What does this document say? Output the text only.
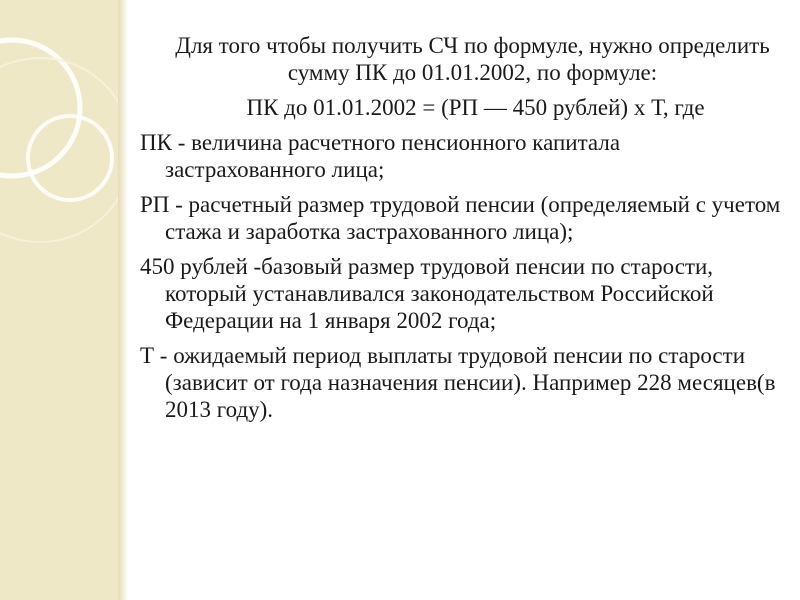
Для того чтобы получить СЧ по формуле, нужно определить сумму ПК до 01.01.2002, по формуле:
ПК до 01.01.2002 = (РП — 450 рублей) х Т, где
ПК - величина расчетного пенсионного капитала застрахованного лица;
РП - расчетный размер трудовой пенсии (определяемый с учетом стажа и заработка застрахованного лица);
450 рублей -базовый размер трудовой пенсии по старости, который устанавливался законодательством Российской Федерации на 1 января 2002 года;
Т - ожидаемый период выплаты трудовой пенсии по старости (зависит от года назначения пенсии). Например 228 месяцев(в 2013 году).
